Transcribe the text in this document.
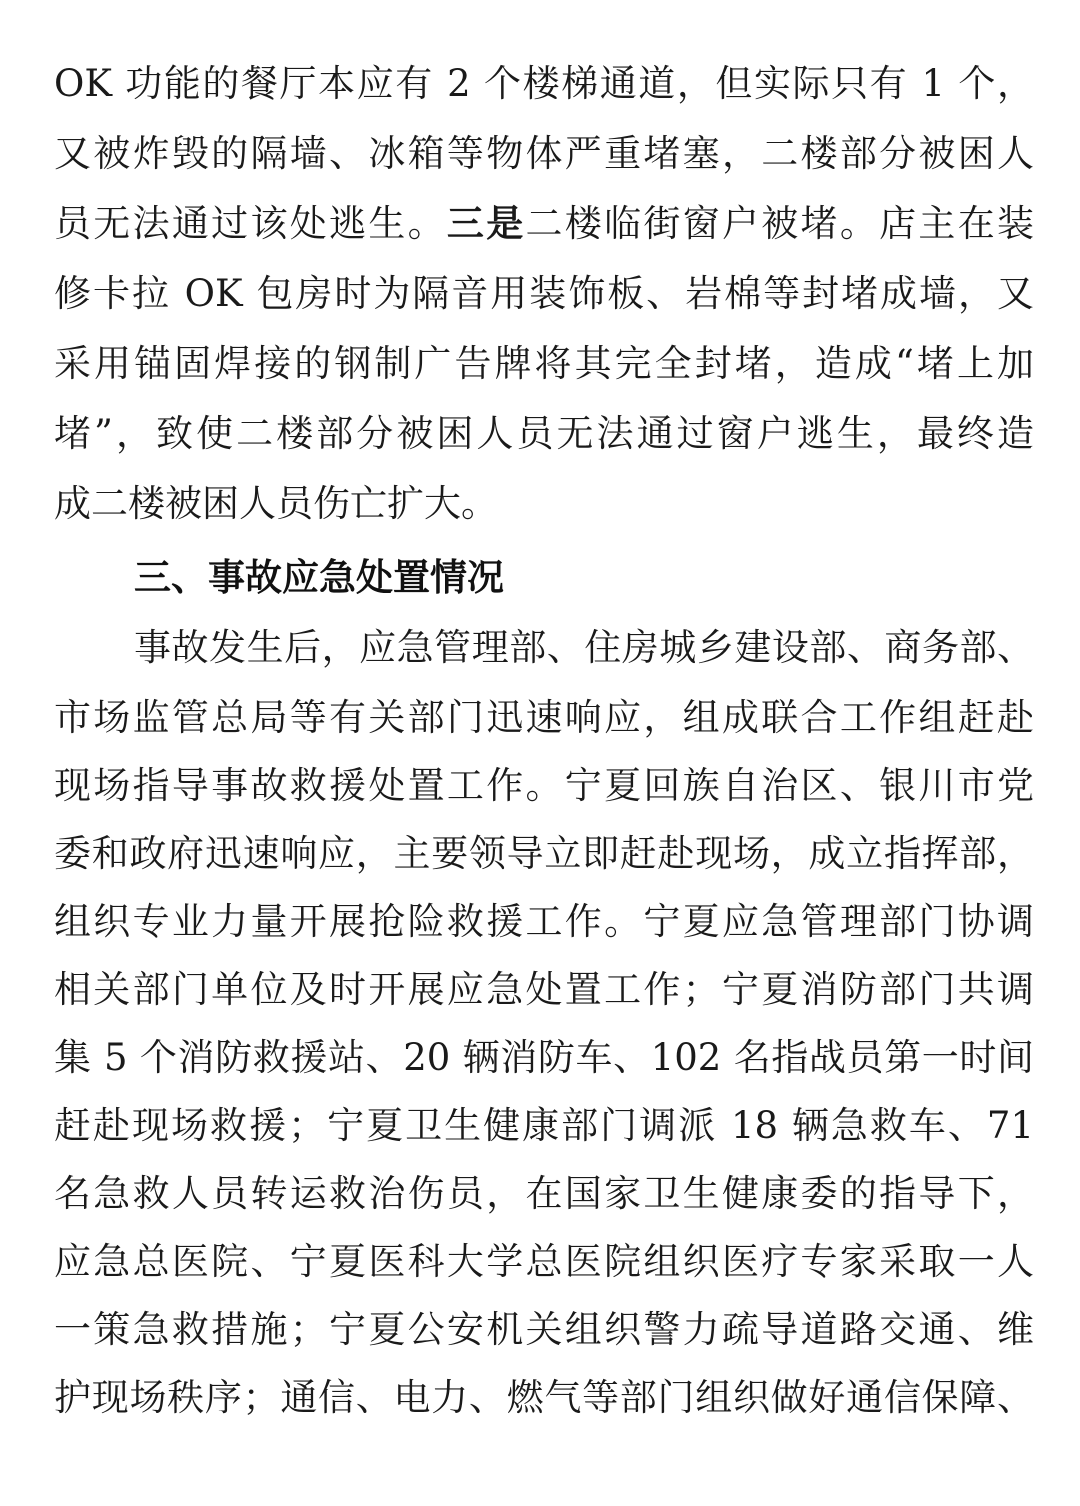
OK 功能的餐厅本应有 2 个楼梯通道，但实际只有 1 个，
又被炸毁的隔墙、冰箱等物体严重堵塞，二楼部分被困人
员无法通过该处逃生。三是二楼临街窗户被堵。店主在装
修卡拉 OK 包房时为隔音用装饰板、岩棉等封堵成墙，又
采用锚固焊接的钢制广告牌将其完全封堵，造成“堵上加
堵”，致使二楼部分被困人员无法通过窗户逃生，最终造
成二楼被困人员伤亡扩大。
三、事故应急处置情况
事故发生后，应急管理部、住房城乡建设部、商务部、
市场监管总局等有关部门迅速响应，组成联合工作组赶赴
现场指导事故救援处置工作。宁夏回族自治区、银川市党
委和政府迅速响应，主要领导立即赶赴现场，成立指挥部，
组织专业力量开展抢险救援工作。宁夏应急管理部门协调
相关部门单位及时开展应急处置工作；宁夏消防部门共调
集 5 个消防救援站、20 辆消防车、102 名指战员第一时间
赶赴现场救援；宁夏卫生健康部门调派 18 辆急救车、71
名急救人员转运救治伤员，在国家卫生健康委的指导下，
应急总医院、宁夏医科大学总医院组织医疗专家采取一人
一策急救措施；宁夏公安机关组织警力疏导道路交通、维
护现场秩序；通信、电力、燃气等部门组织做好通信保障、
